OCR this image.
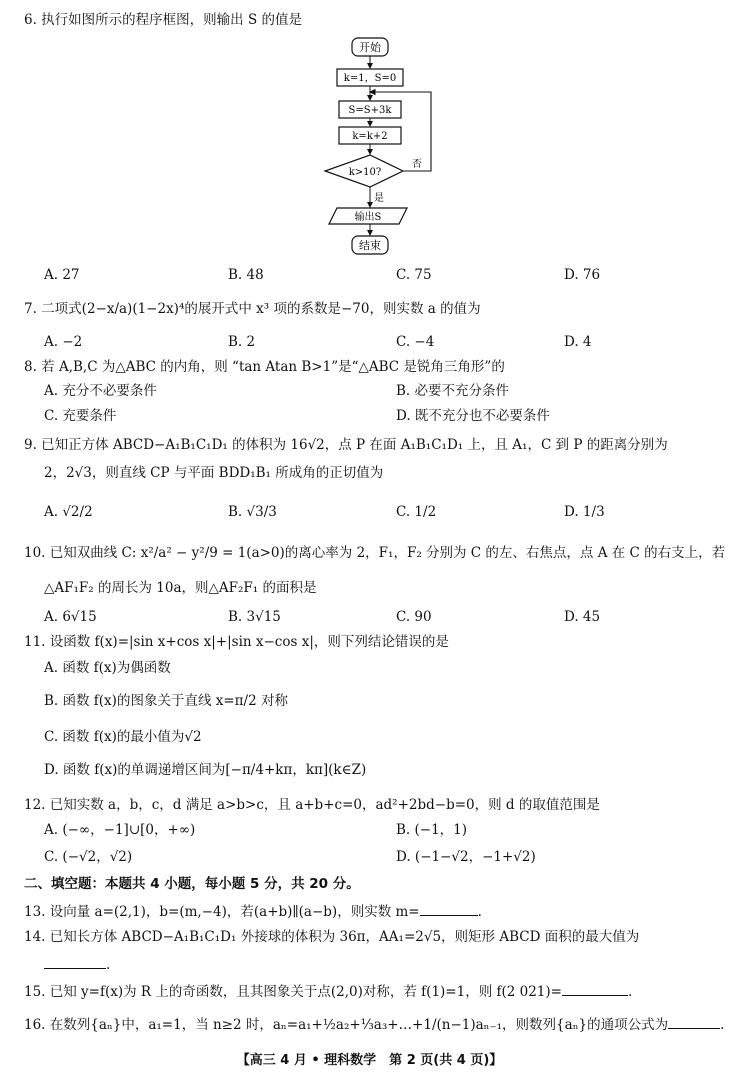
6. 执行如图所示的程序框图，则输出 S 的值是
开始
k=1，S=0
S=S+3k
k=k+2
k>10?
否
是
输出S
结束
A. 27	B. 48	C. 75	D. 76
7. 二项式(2−x/a)(1−2x)⁴的展开式中 x³ 项的系数是−70，则实数 a 的值为
A. −2	B. 2	C. −4	D. 4
8. 若 A,B,C 为△ABC 的内角，则 “tan Atan B>1”是“△ABC 是锐角三角形”的
A. 充分不必要条件	B. 必要不充分条件
C. 充要条件	D. 既不充分也不必要条件
9. 已知正方体 ABCD−A₁B₁C₁D₁ 的体积为 16√2，点 P 在面 A₁B₁C₁D₁ 上，且 A₁，C 到 P 的距离分别为
2，2√3，则直线 CP 与平面 BDD₁B₁ 所成角的正切值为
A. √2/2	B. √3/3	C. 1/2	D. 1/3
10. 已知双曲线 C: x²/a² − y²/9 = 1(a>0)的离心率为 2，F₁，F₂ 分别为 C 的左、右焦点，点 A 在 C 的右支上，若
△AF₁F₂ 的周长为 10a，则△AF₂F₁ 的面积是
A. 6√15	B. 3√15	C. 90	D. 45
11. 设函数 f(x)=|sin x+cos x|+|sin x−cos x|，则下列结论错误的是
A. 函数 f(x)为偶函数
B. 函数 f(x)的图象关于直线 x=π/2 对称
C. 函数 f(x)的最小值为√2
D. 函数 f(x)的单调递增区间为[−π/4+kπ，kπ](k∈Z)
12. 已知实数 a，b，c，d 满足 a>b>c，且 a+b+c=0，ad²+2bd−b=0，则 d 的取值范围是
A. (−∞，−1]∪[0，+∞)	B. (−1，1)
C. (−√2，√2)	D. (−1−√2，−1+√2)
二、填空题：本题共 4 小题，每小题 5 分，共 20 分。
13. 设向量 a=(2,1)，b=(m,−4)，若(a+b)∥(a−b)，则实数 m=	.
14. 已知长方体 ABCD−A₁B₁C₁D₁ 外接球的体积为 36π，AA₁=2√5，则矩形 ABCD 面积的最大值为
.
15. 已知 y=f(x)为 R 上的奇函数，且其图象关于点(2,0)对称，若 f(1)=1，则 f(2 021)=	.
16. 在数列{aₙ}中，a₁=1，当 n≥2 时，aₙ=a₁+½a₂+⅓a₃+…+1/(n−1)aₙ₋₁，则数列{aₙ}的通项公式为	.
【高三 4 月 • 理科数学　第 2 页(共 4 页)】
